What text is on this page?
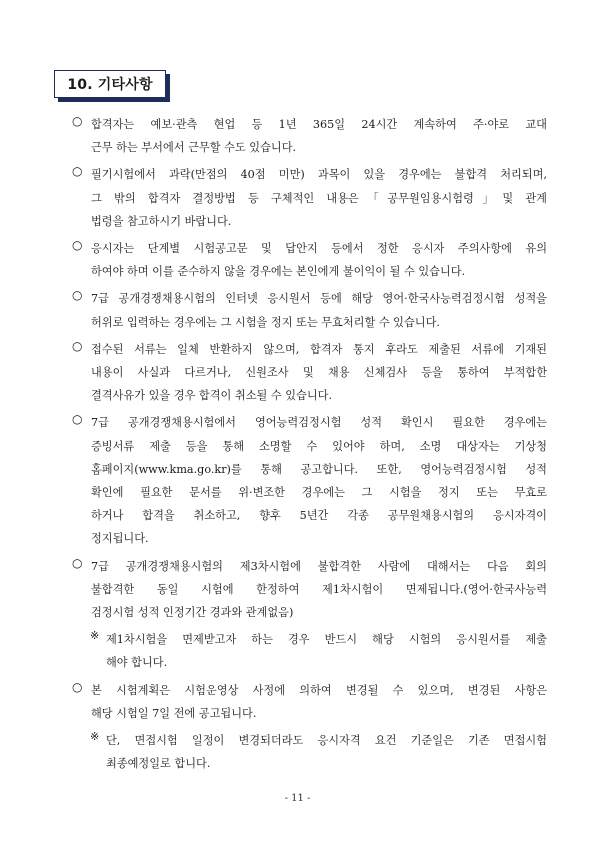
10. 기타사항
○ 합격자는 예보·관측 현업 등 1년 365일 24시간 계속하여 주·야로 교대
근무 하는 부서에서 근무할 수도 있습니다.
○ 필기시험에서 과락(만점의 40점 미만) 과목이 있을 경우에는 불합격 처리되며,
그 밖의 합격자 결정방법 등 구체적인 내용은「공무원임용시험령」및 관계
법령을 참고하시기 바랍니다.
○ 응시자는 단계별 시험공고문 및 답안지 등에서 정한 응시자 주의사항에 유의
하여야 하며 이를 준수하지 않을 경우에는 본인에게 불이익이 될 수 있습니다.
○ 7급 공개경쟁채용시험의 인터넷 응시원서 등에 해당 영어·한국사능력검정시험 성적을
허위로 입력하는 경우에는 그 시험을 정지 또는 무효처리할 수 있습니다.
○ 접수된 서류는 일체 반환하지 않으며, 합격자 통지 후라도 제출된 서류에 기재된
내용이 사실과 다르거나, 신원조사 및 채용 신체검사 등을 통하여 부적합한
결격사유가 있을 경우 합격이 취소될 수 있습니다.
○ 7급 공개경쟁채용시험에서 영어능력검정시험 성적 확인시 필요한 경우에는
증빙서류 제출 등을 통해 소명할 수 있어야 하며, 소명 대상자는 기상청
홈페이지(www.kma.go.kr)를 통해 공고합니다. 또한, 영어능력검정시험 성적
확인에 필요한 문서를 위·변조한 경우에는 그 시험을 정지 또는 무효로
하거나 합격을 취소하고, 향후 5년간 각종 공무원채용시험의 응시자격이
정지됩니다.
○ 7급 공개경쟁채용시험의 제3차시험에 불합격한 사람에 대해서는 다음 회의
불합격한 동일 시험에 한정하여 제1차시험이 면제됩니다.(영어·한국사능력
검정시험 성적 인정기간 경과와 관계없음)
※ 제1차시험을 면제받고자 하는 경우 반드시 해당 시험의 응시원서를 제출
해야 합니다.
○ 본 시험계획은 시험운영상 사정에 의하여 변경될 수 있으며, 변경된 사항은
해당 시험일 7일 전에 공고됩니다.
※ 단, 면접시험 일정이 변경되더라도 응시자격 요건 기준일은 기존 면접시험
최종예정일로 합니다.
- 11 -
